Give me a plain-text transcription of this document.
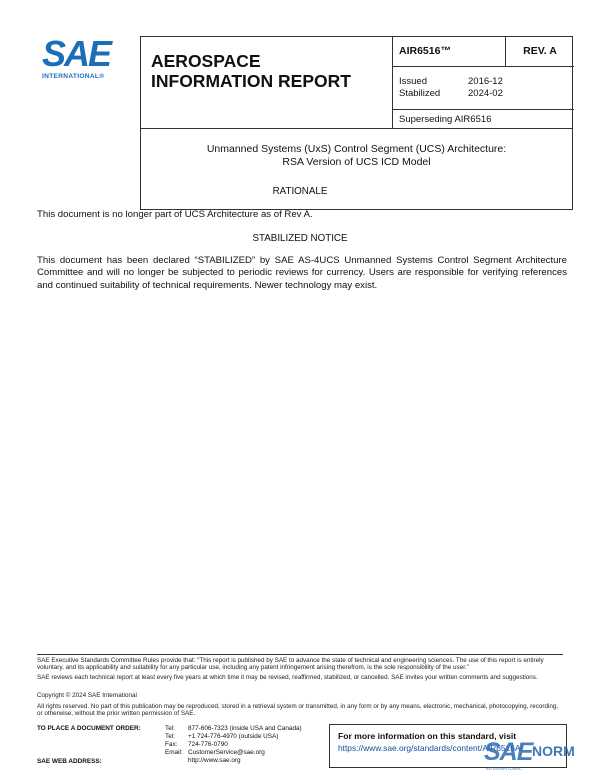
SAE
INTERNATIONAL®
AEROSPACE
INFORMATION REPORT
AIR6516™	REV. A
Issued	2016-12
Stabilized	2024-02
Superseding AIR6516
Unmanned Systems (UxS) Control Segment (UCS) Architecture:
RSA Version of UCS ICD Model
RATIONALE
This document is no longer part of UCS Architecture as of Rev A.
STABILIZED NOTICE
This document has been declared “STABILIZED” by SAE AS-4UCS Unmanned Systems Control Segment Architecture Committee and will no longer be subjected to periodic reviews for currency. Users are responsible for verifying references and continued suitability of technical requirements. Newer technology may exist.
SAE Executive Standards Committee Rules provide that: “This report is published by SAE to advance the state of technical and engineering sciences. The use of this report is entirely voluntary, and its applicability and suitability for any particular use, including any patent infringement arising therefrom, is the sole responsibility of the user.”
SAE reviews each technical report at least every five years at which time it may be revised, reaffirmed, stabilized, or cancelled. SAE invites your written comments and suggestions.
Copyright © 2024 SAE International
All rights reserved. No part of this publication may be reproduced, stored in a retrieval system or transmitted, in any form or by any means, electronic, mechanical, photocopying, recording, or otherwise, without the prior written permission of SAE.
TO PLACE A DOCUMENT ORDER:	Tel: 877-606-7323 (inside USA and Canada)
Tel: +1 724-776-4970 (outside USA)
Fax: 724-776-0790
Email: CustomerService@sae.org
SAE WEB ADDRESS:	http://www.sae.org
For more information on this standard, visit
https://www.sae.org/standards/content/AIR6516A/
SAE NORM
INTERNATIONAL
